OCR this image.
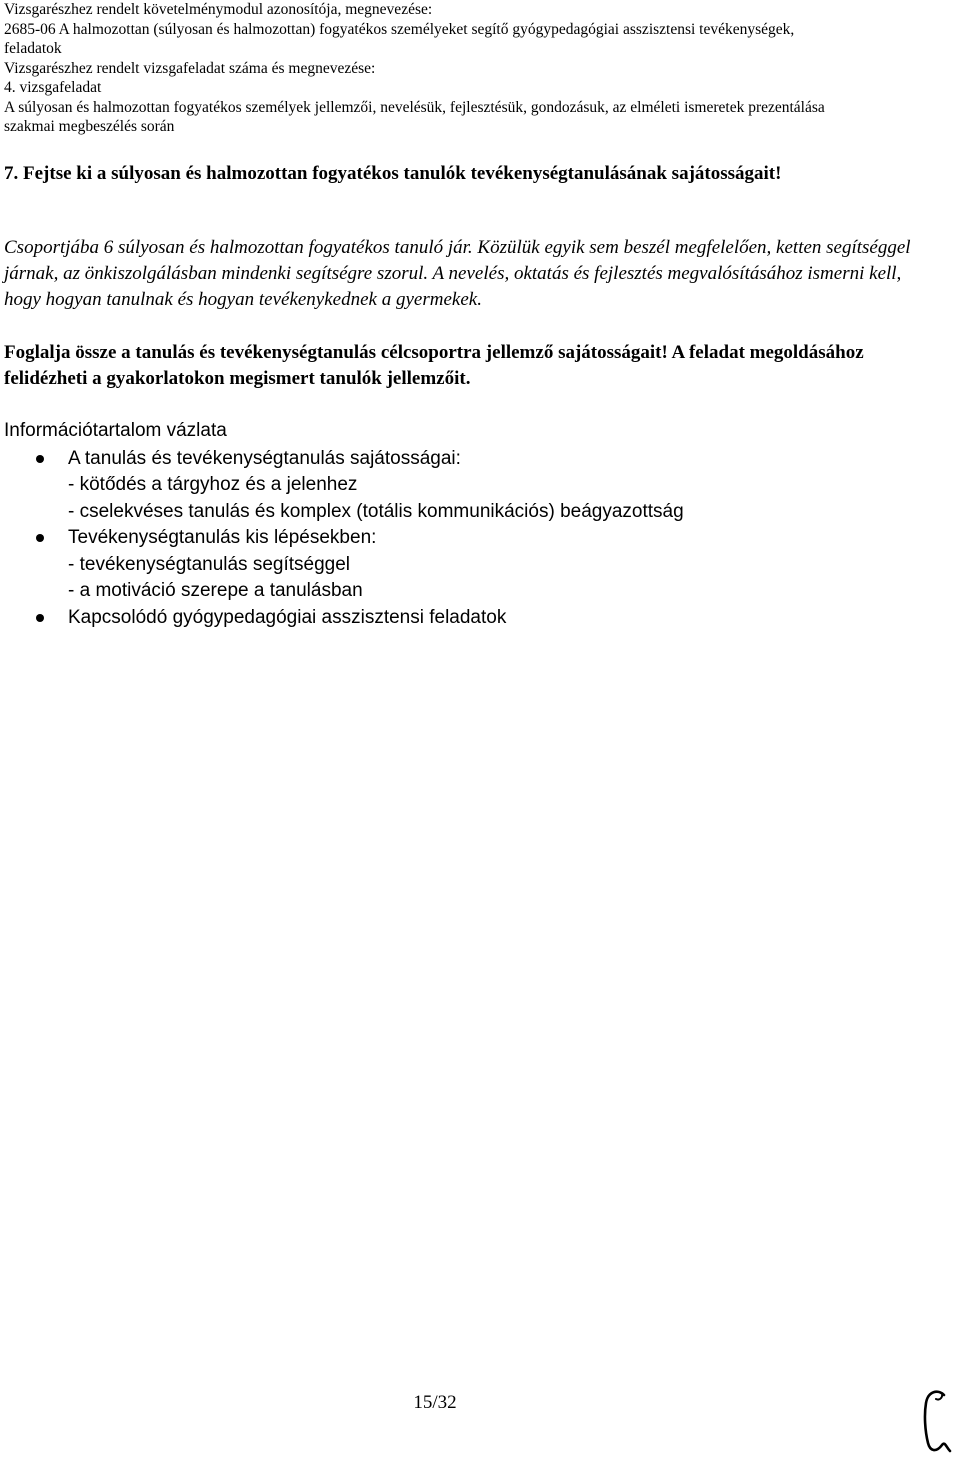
Vizsgarészhez rendelt követelménymodul azonosítója, megnevezése:
2685-06 A halmozottan (súlyosan és halmozottan) fogyatékos személyeket segítő gyógypedagógiai asszisztensi tevékenységek,
feladatok
Vizsgarészhez rendelt vizsgafeladat száma és megnevezése:
4. vizsgafeladat
A súlyosan és halmozottan fogyatékos személyek jellemzői, nevelésük, fejlesztésük, gondozásuk, az elméleti ismeretek prezentálása
szakmai megbeszélés során
7. Fejtse ki a súlyosan és halmozottan fogyatékos tanulók tevékenységtanulásának sajátosságait!
Csoportjába 6 súlyosan és halmozottan fogyatékos tanuló jár. Közülük egyik sem beszél megfelelően, ketten segítséggel járnak, az önkiszolgálásban mindenki segítségre szorul. A nevelés, oktatás és fejlesztés megvalósításához ismerni kell, hogy hogyan tanulnak és hogyan tevékenykednek a gyermekek.
Foglalja össze a tanulás és tevékenységtanulás célcsoportra jellemző sajátosságait! A feladat megoldásához felidézheti a gyakorlatokon megismert tanulók jellemzőit.
Információtartalom vázlata
A tanulás és tevékenységtanulás sajátosságai:
- kötődés a tárgyhoz és a jelenhez
- cselekvéses tanulás és komplex (totális kommunikációs) beágyazottság
Tevékenységtanulás kis lépésekben:
- tevékenységtanulás segítséggel
- a motiváció szerepe a tanulásban
Kapcsolódó gyógypedagógiai asszisztensi feladatok
15/32
